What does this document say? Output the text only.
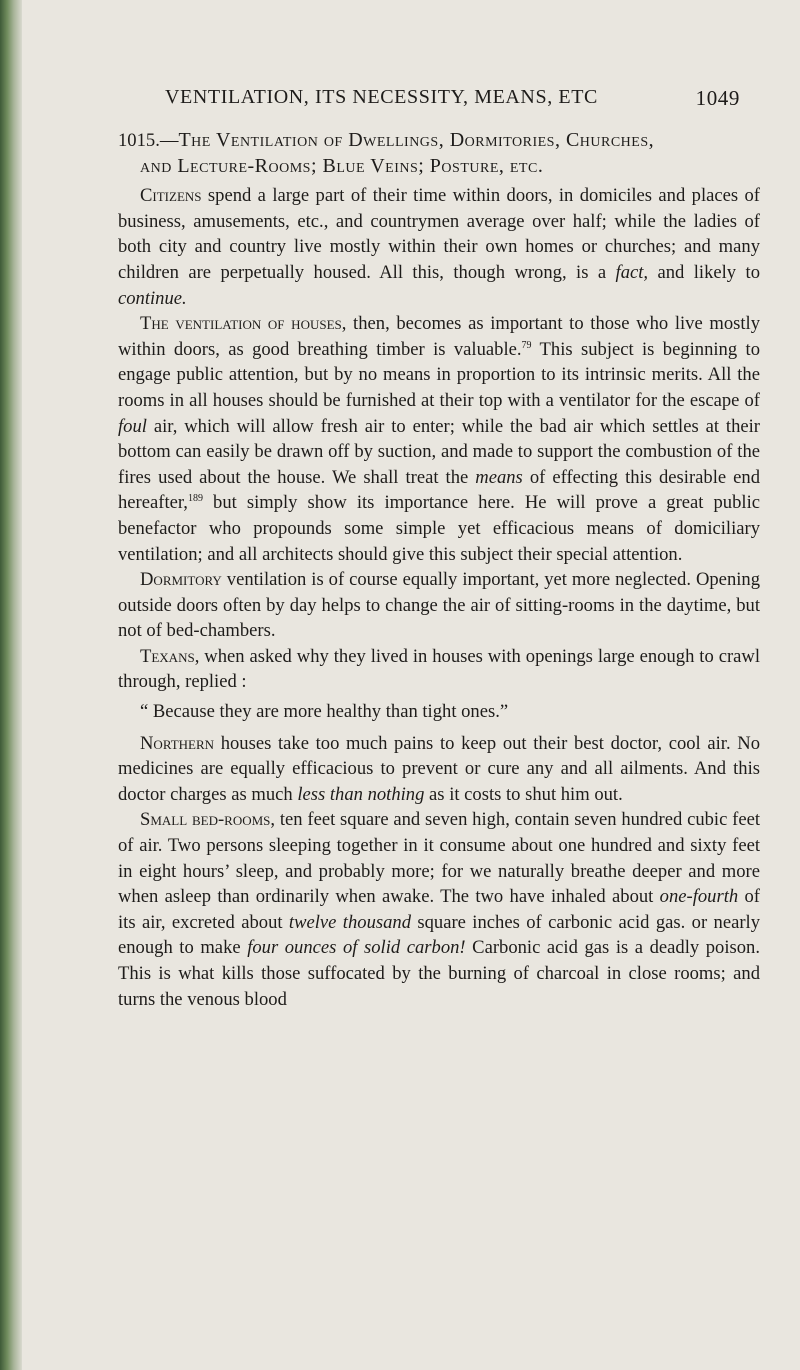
VENTILATION, ITS NECESSITY, MEANS, ETC	1049
1015.—The Ventilation of Dwellings, Dormitories, Churches,
and Lecture-Rooms; Blue Veins; Posture, etc.

Citizens spend a large part of their time within doors, in domiciles and places of business, amusements, etc., and countrymen average over half; while the ladies of both city and country live mostly within their own homes or churches; and many children are perpetually housed. All this, though wrong, is a fact, and likely to continue.

The ventilation of houses, then, becomes as important to those who live mostly within doors, as good breathing timber is valuable.$^{79}$ This subject is beginning to engage public attention, but by no means in proportion to its intrinsic merits. All the rooms in all houses should be furnished at their top with a ventilator for the escape of foul air, which will allow fresh air to enter; while the bad air which settles at their bottom can easily be drawn off by suction, and made to support the combustion of the fires used about the house. We shall treat the means of effecting this desirable end hereafter,$^{189}$ but simply show its importance here. He will prove a great public benefactor who propounds some simple yet efficacious means of domiciliary ventilation; and all architects should give this subject their special attention.

Dormitory ventilation is of course equally important, yet more neglected. Opening outside doors often by day helps to change the air of sitting-rooms in the daytime, but not of bed-chambers.

Texans, when asked why they lived in houses with openings large enough to crawl through, replied :

“ Because they are more healthy than tight ones.”

Northern houses take too much pains to keep out their best doctor, cool air. No medicines are equally efficacious to prevent or cure any and all ailments. And this doctor charges as much less than nothing as it costs to shut him out.

Small bed-rooms, ten feet square and seven high, contain seven hundred cubic feet of air. Two persons sleeping together in it consume about one hundred and sixty feet in eight hours’ sleep, and probably more; for we naturally breathe deeper and more when asleep than ordinarily when awake. The two have inhaled about one-fourth of its air, excreted about twelve thousand square inches of carbonic acid gas. or nearly enough to make four ounces of solid carbon! Carbonic acid gas is a deadly poison. This is what kills those suffocated by the burning of charcoal in close rooms; and turns the venous blood
